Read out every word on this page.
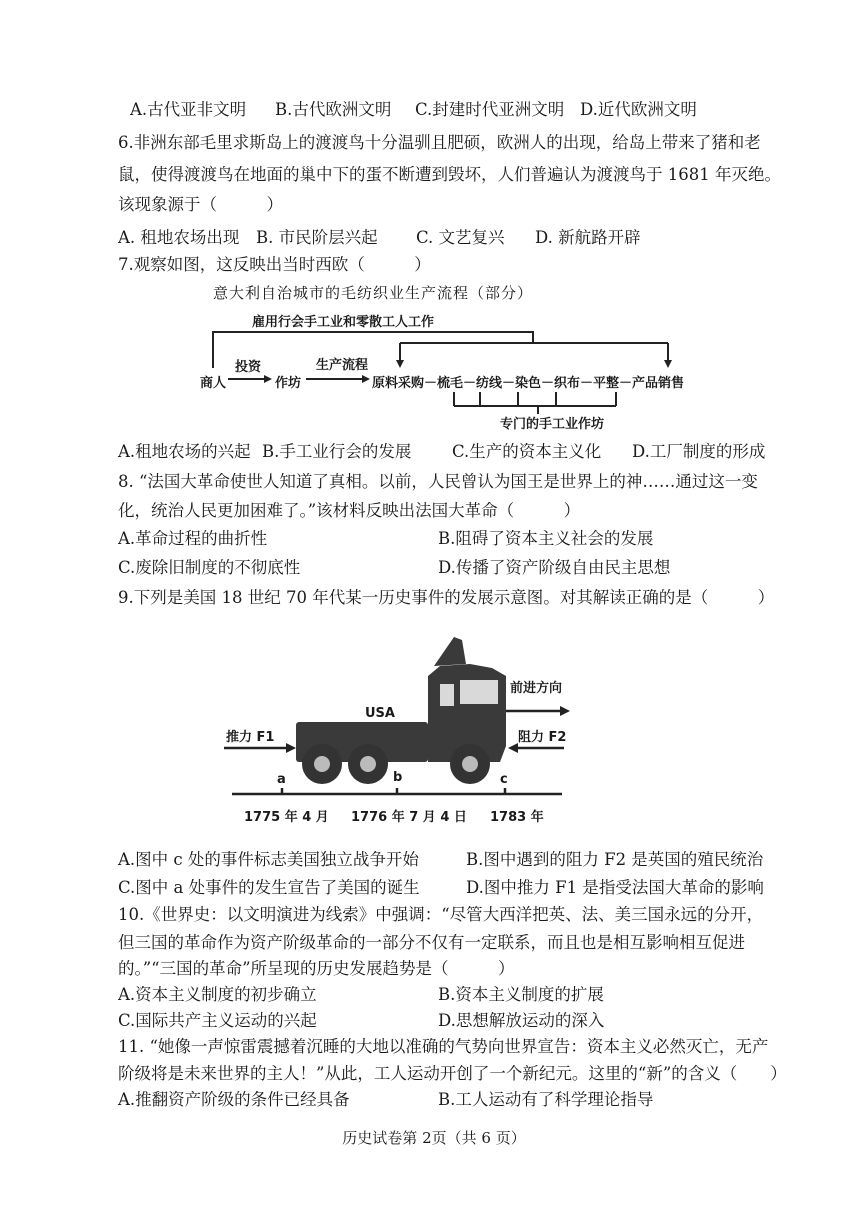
A.古代亚非文明 B.古代欧洲文明 C.封建时代亚洲文明 D.近代欧洲文明
6.非洲东部毛里求斯岛上的渡渡鸟十分温驯且肥硕，欧洲人的出现，给岛上带来了猪和老
鼠，使得渡渡鸟在地面的巢中下的蛋不断遭到毁坏，人们普遍认为渡渡鸟于 1681 年灭绝。
该现象源于（　　　）
A. 租地农场出现 B. 市民阶层兴起 C. 文艺复兴 D. 新航路开辟
7.观察如图，这反映出当时西欧（　　　）
意大利自治城市的毛纺织业生产流程（部分）
雇用行会手工业和零散工人工作
商人
投资
作坊
生产流程
原料采购－梳毛－纺线－染色－织布－平整－产品销售
专门的手工业作坊
A.租地农场的兴起 B.手工业行会的发展 C.生产的资本主义化 D.工厂制度的形成
8. “法国大革命使世人知道了真相。以前，人民曾认为国王是世界上的神……通过这一变
化，统治人民更加困难了。”该材料反映出法国大革命（　　　）
A.革命过程的曲折性	B.阻碍了资本主义社会的发展
C.废除旧制度的不彻底性	D.传播了资产阶级自由民主思想
9.下列是美国 18 世纪 70 年代某一历史事件的发展示意图。对其解读正确的是（　　　）
USA
前进方向
推力 F1	阻力 F2
a	b	c
1775 年 4 月 1776 年 7 月 4 日 1783 年
A.图中 c 处的事件标志美国独立战争开始	B.图中遇到的阻力 F2 是英国的殖民统治
C.图中 a 处事件的发生宣告了美国的诞生	D.图中推力 F1 是指受法国大革命的影响
10.《世界史：以文明演进为线索》中强调：“尽管大西洋把英、法、美三国永远的分开，
但三国的革命作为资产阶级革命的一部分不仅有一定联系，而且也是相互影响相互促进
的。”“三国的革命”所呈现的历史发展趋势是（　　　）
A.资本主义制度的初步确立	B.资本主义制度的扩展
C.国际共产主义运动的兴起	D.思想解放运动的深入
11. “她像一声惊雷震撼着沉睡的大地以准确的气势向世界宣告：资本主义必然灭亡，无产
阶级将是未来世界的主人！”从此，工人运动开创了一个新纪元。这里的“新”的含义（　　）
A.推翻资产阶级的条件已经具备	B.工人运动有了科学理论指导
历史试卷第 2页（共 6 页）
